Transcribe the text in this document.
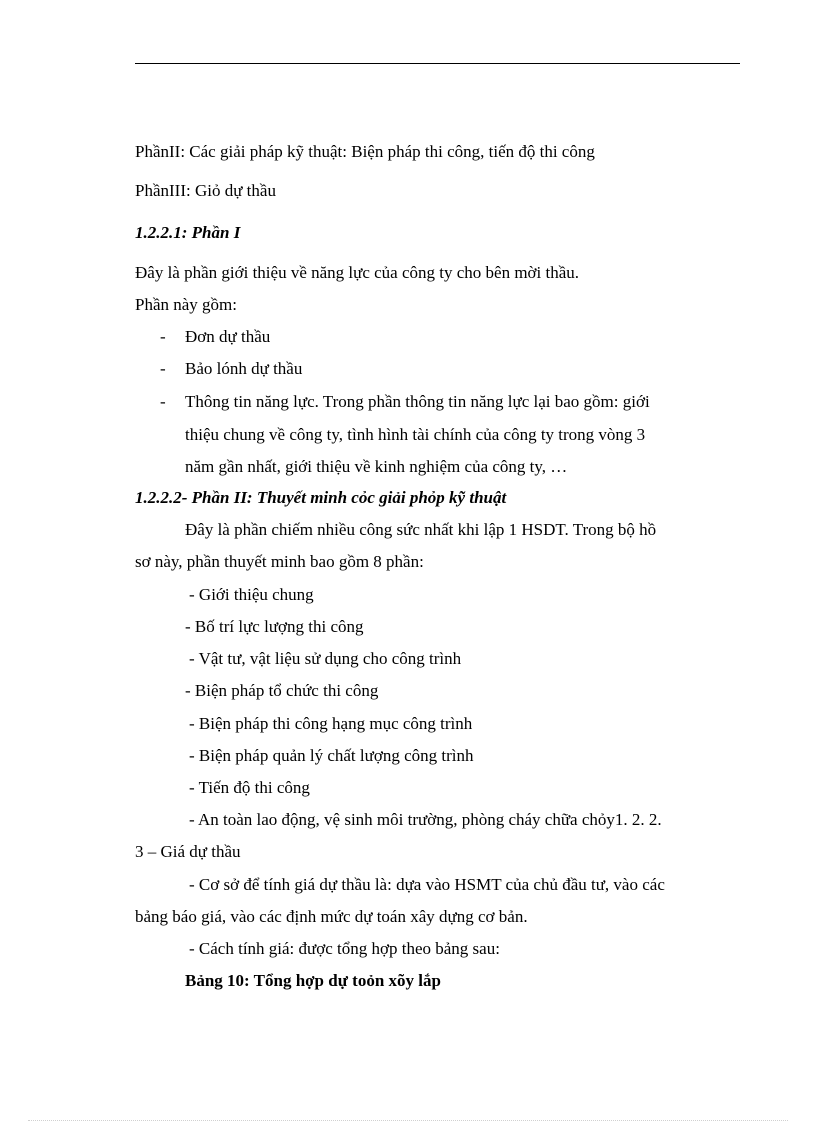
PhầnII: Các giải pháp kỹ thuật: Biện pháp thi công, tiến độ thi công

PhầnIII: Giỏ dự thầu

1.2.2.1: Phần I

Đây là phần giới thiệu về năng lực của công ty cho bên mời thầu.

Phần này gồm:

- Đơn dự thầu

- Bảo lónh dự thầu

- Thông tin năng lực. Trong phần thông tin năng lực lại bao gồm: giới

thiệu chung về công ty, tình hình tài chính của công ty trong vòng 3

năm gần nhất, giới thiệu về kinh nghiệm của công ty, …

1.2.2.2- Phần II: Thuyết minh cỏc giải phỏp kỹ thuật

Đây là phần chiếm nhiều công sức nhất khi lập 1 HSDT. Trong bộ hồ

sơ này, phần thuyết minh bao gồm 8 phần:

- Giới thiệu chung

- Bố trí lực lượng thi công

- Vật tư, vật liệu sử dụng cho công trình

- Biện pháp tổ chức thi công

- Biện pháp thi công hạng mục công trình

- Biện pháp quản lý chất lượng công trình

- Tiến độ thi công

- An toàn lao động, vệ sinh môi trường, phòng cháy chữa chỏy1. 2. 2.

3 – Giá dự thầu

- Cơ sở để tính giá dự thầu là: dựa vào HSMT của chủ đầu tư, vào các

bảng báo giá, vào các định mức dự toán xây dựng cơ bản.

- Cách tính giá: được tổng hợp theo bảng sau:

Bảng 10: Tổng hợp dự toỏn xõy lắp
